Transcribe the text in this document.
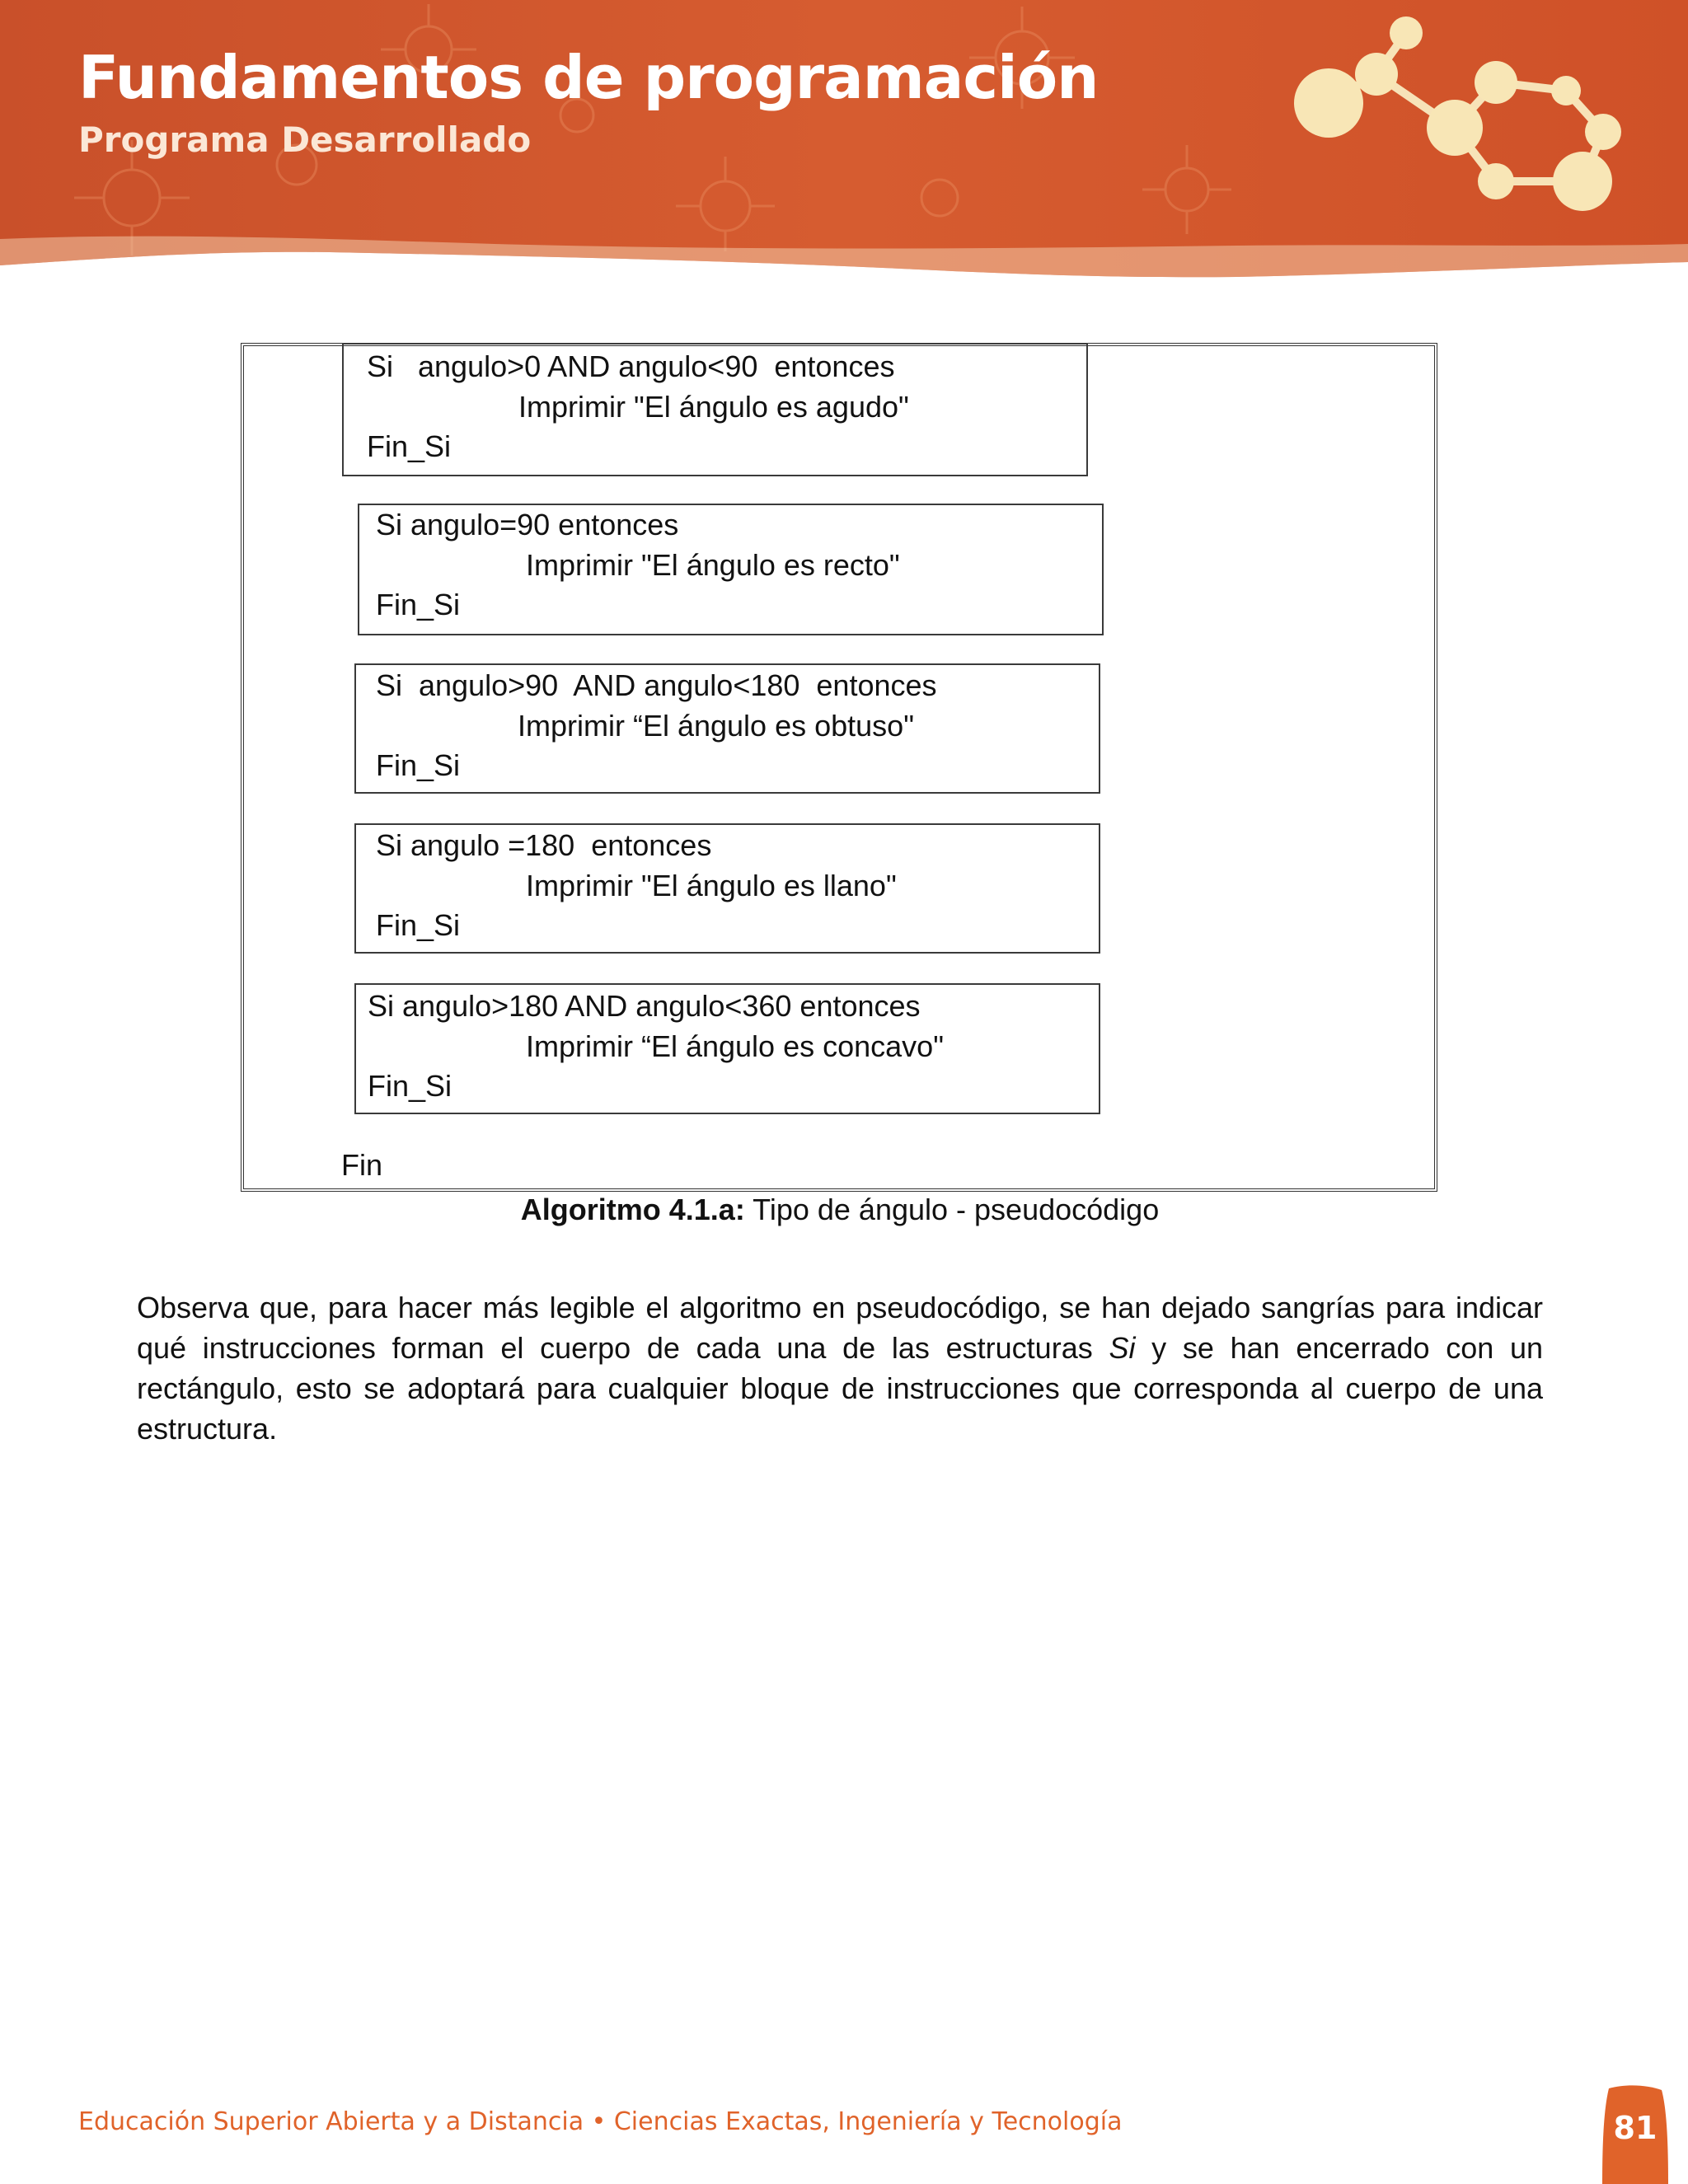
Fundamentos de programación
Programa Desarrollado
Si   angulo>0 AND angulo<90  entonces
Imprimir "El ángulo es agudo"
Fin_Si
Si angulo=90 entonces
Imprimir "El ángulo es recto"
Fin_Si
Si  angulo>90  AND angulo<180  entonces
Imprimir “El ángulo es obtuso"
Fin_Si
Si angulo =180  entonces
Imprimir "El ángulo es llano"
Fin_Si
Si angulo>180 AND angulo<360 entonces
Imprimir “El ángulo es concavo"
Fin_Si
Fin
Algoritmo 4.1.a: Tipo de ángulo - pseudocódigo

Observa que, para hacer más legible el algoritmo en pseudocódigo, se han dejado sangrías para indicar qué instrucciones forman el cuerpo de cada una de las estructuras Si y se han encerrado con un rectángulo, esto se adoptará para cualquier bloque de instrucciones que corresponda al cuerpo de una estructura.

Educación Superior Abierta y a Distancia • Ciencias Exactas, Ingeniería y Tecnología	81
